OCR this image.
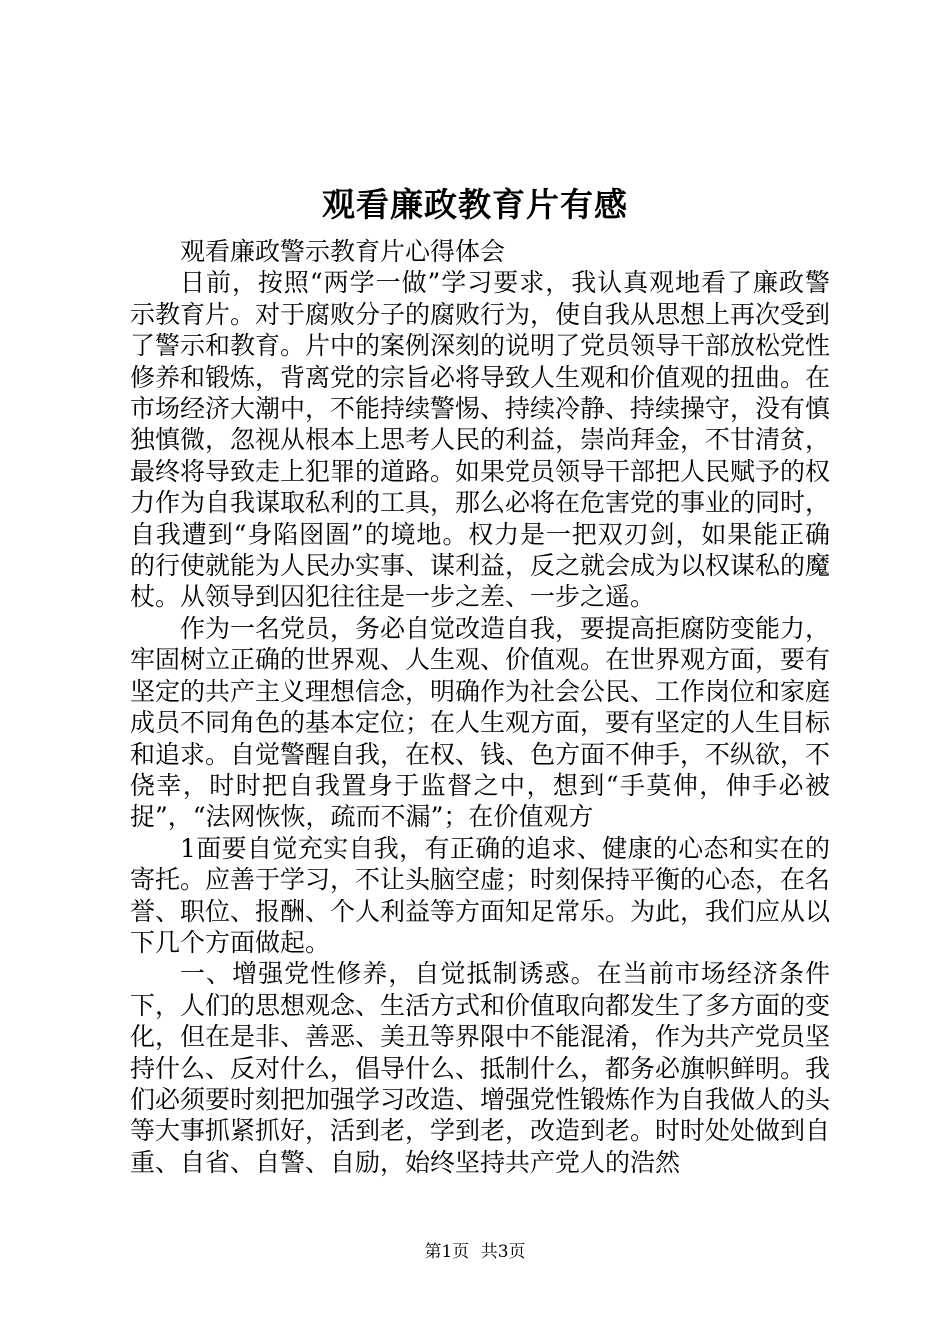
观看廉政教育片有感

观看廉政警示教育片心得体会

日前，按照“两学一做”学习要求，我认真观地看了廉政警示教育片。对于腐败分子的腐败行为，使自我从思想上再次受到了警示和教育。片中的案例深刻的说明了党员领导干部放松党性修养和锻炼，背离党的宗旨必将导致人生观和价值观的扭曲。在市场经济大潮中，不能持续警惕、持续冷静、持续操守，没有慎独慎微，忽视从根本上思考人民的利益，崇尚拜金，不甘清贫，最终将导致走上犯罪的道路。如果党员领导干部把人民赋予的权力作为自我谋取私利的工具，那么必将在危害党的事业的同时，自我遭到“身陷囹圄”的境地。权力是一把双刃剑，如果能正确的行使就能为人民办实事、谋利益，反之就会成为以权谋私的魔杖。从领导到囚犯往往是一步之差、一步之遥。

作为一名党员，务必自觉改造自我，要提高拒腐防变能力，牢固树立正确的世界观、人生观、价值观。在世界观方面，要有坚定的共产主义理想信念，明确作为社会公民、工作岗位和家庭成员不同角色的基本定位；在人生观方面，要有坚定的人生目标和追求。自觉警醒自我，在权、钱、色方面不伸手，不纵欲，不侥幸，时时把自我置身于监督之中，想到“手莫伸，伸手必被捉”，“法网恢恢，疏而不漏”；在价值观方

1面要自觉充实自我，有正确的追求、健康的心态和实在的寄托。应善于学习，不让头脑空虚；时刻保持平衡的心态，在名誉、职位、报酬、个人利益等方面知足常乐。为此，我们应从以下几个方面做起。

一、增强党性修养，自觉抵制诱惑。在当前市场经济条件下，人们的思想观念、生活方式和价值取向都发生了多方面的变化，但在是非、善恶、美丑等界限中不能混淆，作为共产党员坚持什么、反对什么，倡导什么、抵制什么，都务必旗帜鲜明。我们必须要时刻把加强学习改造、增强党性锻炼作为自我做人的头等大事抓紧抓好，活到老，学到老，改造到老。时时处处做到自重、自省、自警、自励，始终坚持共产党人的浩然

第1页 共3页
